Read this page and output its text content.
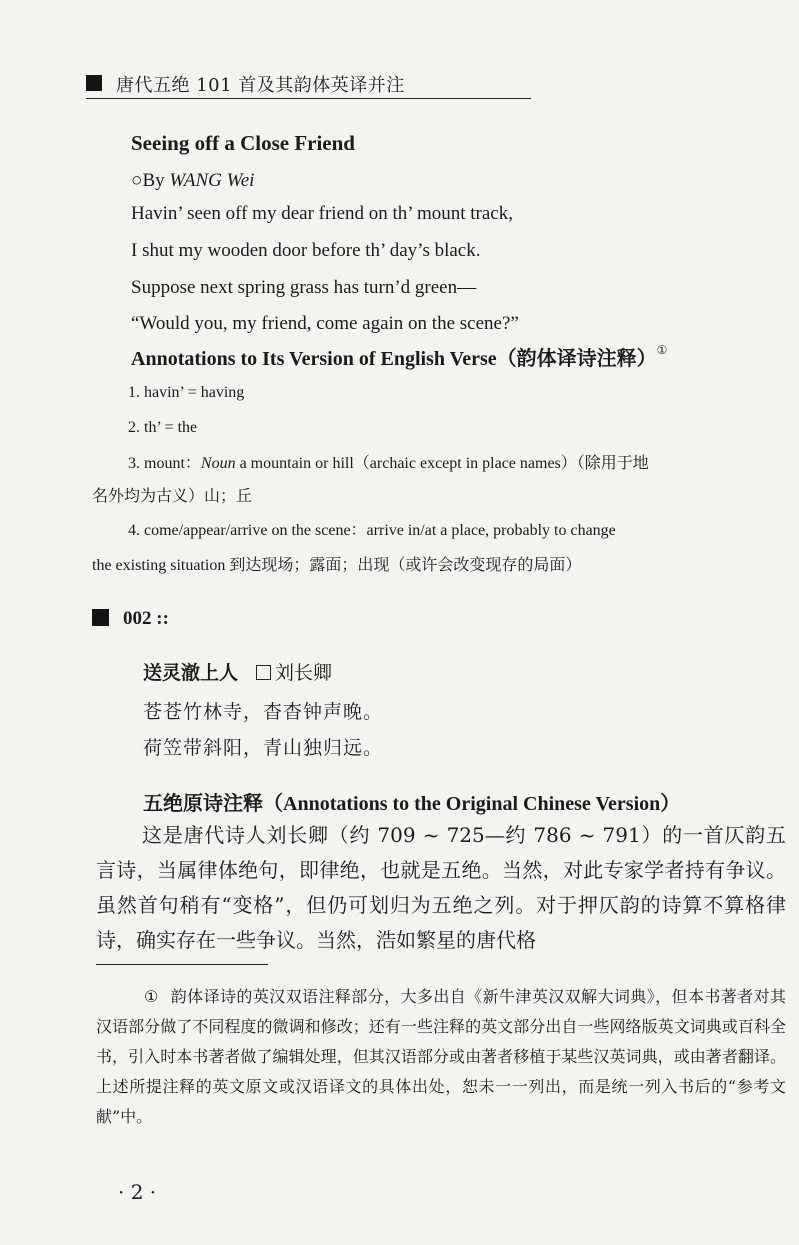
唐代五绝 101 首及其韵体英译并注
Seeing off a Close Friend
○By WANG Wei
Havin’ seen off my dear friend on th’ mount track,
I shut my wooden door before th’ day’s black.
Suppose next spring grass has turn’d green—
“Would you, my friend, come again on the scene?”
Annotations to Its Version of English Verse（韵体译诗注释）①
1. havin’ = having
2. th’ = the
3. mount：Noun a mountain or hill（archaic except in place names）（除用于地
名外均为古义）山；丘
4. come/appear/arrive on the scene：arrive in/at a place, probably to change
the existing situation 到达现场；露面；出现（或许会改变现存的局面）
002 ::
送灵澈上人 刘长卿
苍苍竹林寺，杳杳钟声晚。
荷笠带斜阳，青山独归远。
五绝原诗注释（Annotations to the Original Chinese Version）
这是唐代诗人刘长卿（约 709 ~ 725—约 786 ~ 791）的一首仄韵五言诗，当属律体绝句，即律绝，也就是五绝。当然，对此专家学者持有争议。虽然首句稍有“变格”，但仍可划归为五绝之列。对于押仄韵的诗算不算格律诗，确实存在一些争议。当然，浩如繁星的唐代格
① 韵体译诗的英汉双语注释部分，大多出自《新牛津英汉双解大词典》，但本书著者对其汉语部分做了不同程度的微调和修改；还有一些注释的英文部分出自一些网络版英文词典或百科全书，引入时本书著者做了编辑处理，但其汉语部分或由著者移植于某些汉英词典，或由著者翻译。上述所提注释的英文原文或汉语译文的具体出处，恕未一一列出，而是统一列入书后的“参考文献”中。
· 2 ·
